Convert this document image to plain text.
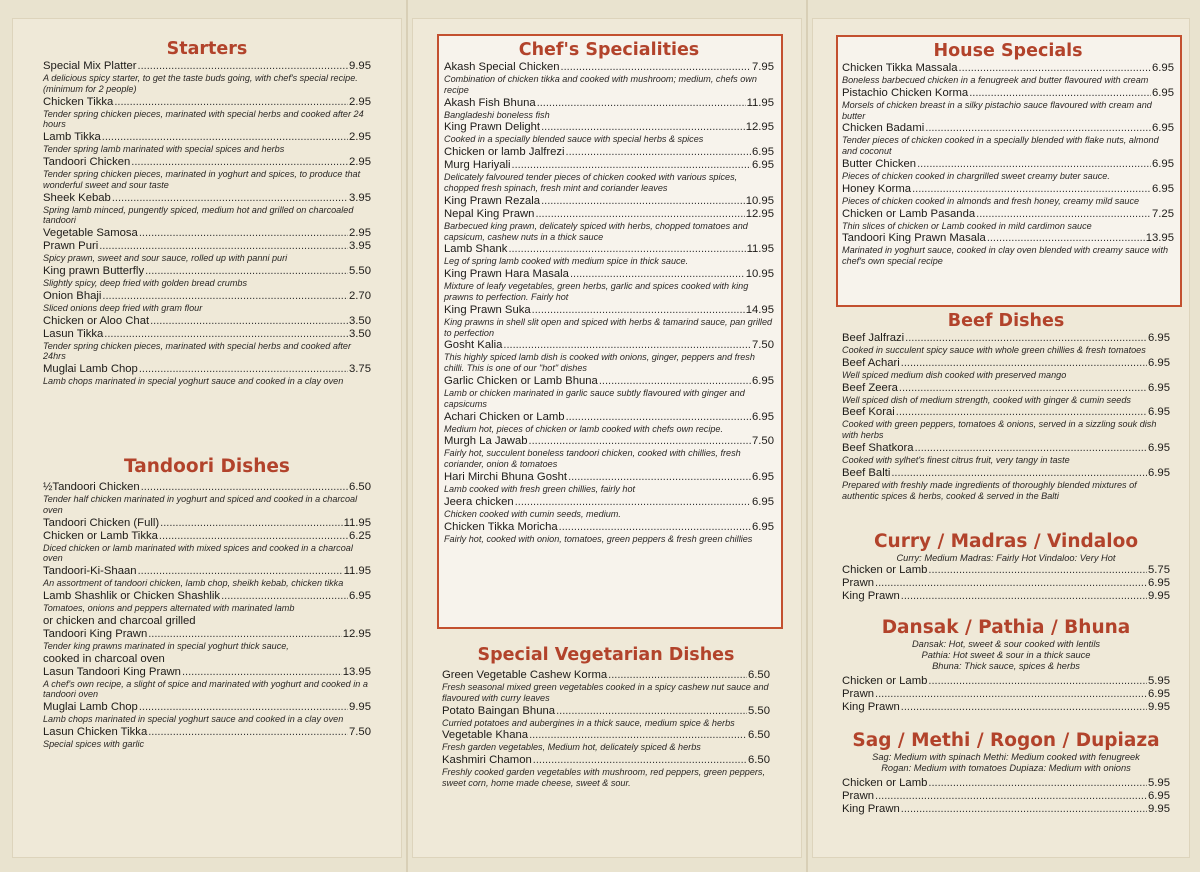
Starters
Special Mix Platter .....	9.95
A delicious spicy starter, to get the taste buds going, with chef's special recipe. (minimum for 2 people)
Chicken Tikka .....	2.95
Tender spring chicken pieces, marinated with special herbs and cooked after 24 hours
Lamb Tikka .....	2.95
Tender spring lamb marinated with special spices and herbs
Tandoori Chicken .....	2.95
Tender spring chicken pieces, marinated in yoghurt and spices, to produce that wonderful sweet and sour taste
Sheek Kebab .....	3.95
Spring lamb minced, pungently spiced, medium hot and grilled on charcoaled tandoori
Vegetable Samosa .....	2.95
Prawn Puri .....	3.95
Spicy prawn, sweet and sour sauce, rolled up with panni puri
King prawn Butterfly .....	5.50
Slightly spicy, deep fried with golden bread crumbs
Onion Bhaji .....	2.70
Sliced onions deep fried with gram flour
Chicken or Aloo Chat .....	3.50
Lasun Tikka .....	3.50
Tender spring chicken pieces, marinated with special herbs and cooked after 24hrs
Muglai Lamb Chop .....	3.75
Lamb chops marinated in special yoghurt sauce and cooked in a clay oven
Tandoori Dishes
½Tandoori Chicken .....	6.50
Tender half chicken marinated in yoghurt and spiced and cooked in a charcoal oven
Tandoori Chicken (Full) .....	11.95
Chicken or Lamb Tikka .....	6.25
Diced chicken or lamb marinated with mixed spices and cooked in a charcoal oven
Tandoori-Ki-Shaan .....	11.95
An assortment of tandoori chicken, lamb chop, sheikh kebab, chicken tikka
Lamb Shashlik or Chicken Shashlik .....	6.95
Tomatoes, onions and peppers alternated with marinated lamb
or chicken and charcoal grilled
Tandoori King Prawn .....	12.95
Tender king prawns marinated in special yoghurt thick sauce,
cooked in charcoal oven
Lasun Tandoori King Prawn .....	13.95
A chef's own recipe, a slight of spice and marinated with yoghurt and cooked in a tandoori oven
Muglai Lamb Chop .....	9.95
Lamb chops marinated in special yoghurt sauce and cooked in a clay oven
Lasun Chicken Tikka .....	7.50
Special spices with garlic
Chef's Specialities
Akash Special Chicken .....	7.95
Combination of chicken tikka and cooked with mushroom; medium, chefs own recipe
Akash Fish Bhuna .....	11.95
Bangladeshi boneless fish
King Prawn Delight .....	12.95
Cooked in a specially blended sauce with special herbs & spices
Chicken or lamb Jalfrezi .....	6.95
Murg Hariyali .....	6.95
Delicately falvoured tender pieces of chicken cooked with various spices, chopped fresh spinach, fresh mint and coriander leaves
King Prawn Rezala .....	10.95
Nepal King Prawn .....	12.95
Barbecued king prawn, delicately spiced with herbs, chopped tomatoes and capsicum, cashew nuts in a thick sauce
Lamb Shank .....	11.95
Leg of spring lamb cooked with medium spice in thick sauce.
King Prawn Hara Masala .....	10.95
Mixture of leafy vegetables, green herbs, garlic and spices cooked with king prawns to perfection. Fairly hot
King Prawn Suka .....	14.95
King prawns in shell slit open and spiced with herbs & tamarind sauce, pan grilled to perfection
Gosht Kalia .....	7.50
This highly spiced lamb dish is cooked with onions, ginger, peppers and fresh chilli. This is one of our "hot" dishes
Garlic Chicken or Lamb Bhuna .....	6.95
Lamb or chicken marinated in garlic sauce subtly flavoured with ginger and capsicums
Achari Chicken or Lamb .....	6.95
Medium hot, pieces of chicken or lamb cooked with chefs own recipe.
Murgh La Jawab .....	7.50
Fairly hot, succulent boneless tandoori chicken, cooked with chillies, fresh coriander, onion & tomatoes
Hari Mirchi Bhuna Gosht .....	6.95
Lamb cooked with fresh green chillies, fairly hot
Jeera chicken .....	6.95
Chicken cooked with cumin seeds, medium.
Chicken Tikka Moricha .....	6.95
Fairly hot, cooked with onion, tomatoes, green peppers & fresh green chillies
Special Vegetarian Dishes
Green Vegetable Cashew Korma .....	6.50
Fresh seasonal mixed green vegetables cooked in a spicy cashew nut sauce and flavoured with curry leaves
Potato Baingan Bhuna .....	5.50
Curried potatoes and aubergines in a thick sauce, medium spice & herbs
Vegetable Khana .....	6.50
Fresh garden vegetables, Medium hot, delicately spiced & herbs
Kashmiri Chamon .....	6.50
Freshly cooked garden vegetables with mushroom, red peppers, green peppers, sweet corn, home made cheese, sweet & sour.
House Specials
Chicken Tikka Massala .....	6.95
Boneless barbecued chicken in a fenugreek and butter flavoured with cream
Pistachio Chicken Korma .....	6.95
Morsels of chicken breast in a silky pistachio sauce flavoured with cream and butter
Chicken Badami .....	6.95
Tender pieces of chicken cooked in a specially blended with flake nuts, almond and coconut
Butter Chicken .....	6.95
Pieces of chicken cooked in chargrilled sweet creamy buter sauce.
Honey Korma .....	6.95
Pieces of chicken cooked in almonds and fresh honey, creamy mild sauce
Chicken or Lamb Pasanda .....	7.25
Thin slices of chicken or Lamb cooked in mild cardimon sauce
Tandoori King Prawn Masala .....	13.95
Marinated in yoghurt sauce, cooked in clay oven blended with creamy sauce with chef's own special recipe
Beef Dishes
Beef Jalfrazi .....	6.95
Cooked in succulent spicy sauce with whole green chillies & fresh tomatoes
Beef Achari .....	6.95
Well spiced medium dish cooked with preserved mango
Beef Zeera .....	6.95
Well spiced dish of medium strength, cooked with ginger & cumin seeds
Beef Korai .....	6.95
Cooked with green peppers, tomatoes & onions, served in a sizzling souk dish with herbs
Beef Shatkora .....	6.95
Cooked with sylhet's finest citrus fruit, very tangy in taste
Beef Balti .....	6.95
Prepared with freshly made ingredients of thoroughly blended mixtures of authentic spices & herbs, cooked & served in the Balti
Curry / Madras / Vindaloo
Curry: Medium Madras: Fairly Hot Vindaloo: Very Hot
Chicken or Lamb .....	5.75
Prawn .....	6.95
King Prawn .....	9.95
Dansak / Pathia / Bhuna
Dansak: Hot, sweet & sour cooked with lentils
Pathia: Hot sweet & sour in a thick sauce
Bhuna: Thick sauce, spices & herbs
Chicken or Lamb .....	5.95
Prawn .....	6.95
King Prawn .....	9.95
Sag / Methi / Rogon / Dupiaza
Sag: Medium with spinach Methi: Medium cooked with fenugreek
Rogan: Medium with tomatoes Dupiaza: Medium with onions
Chicken or Lamb .....	5.95
Prawn .....	6.95
King Prawn .....	9.95
